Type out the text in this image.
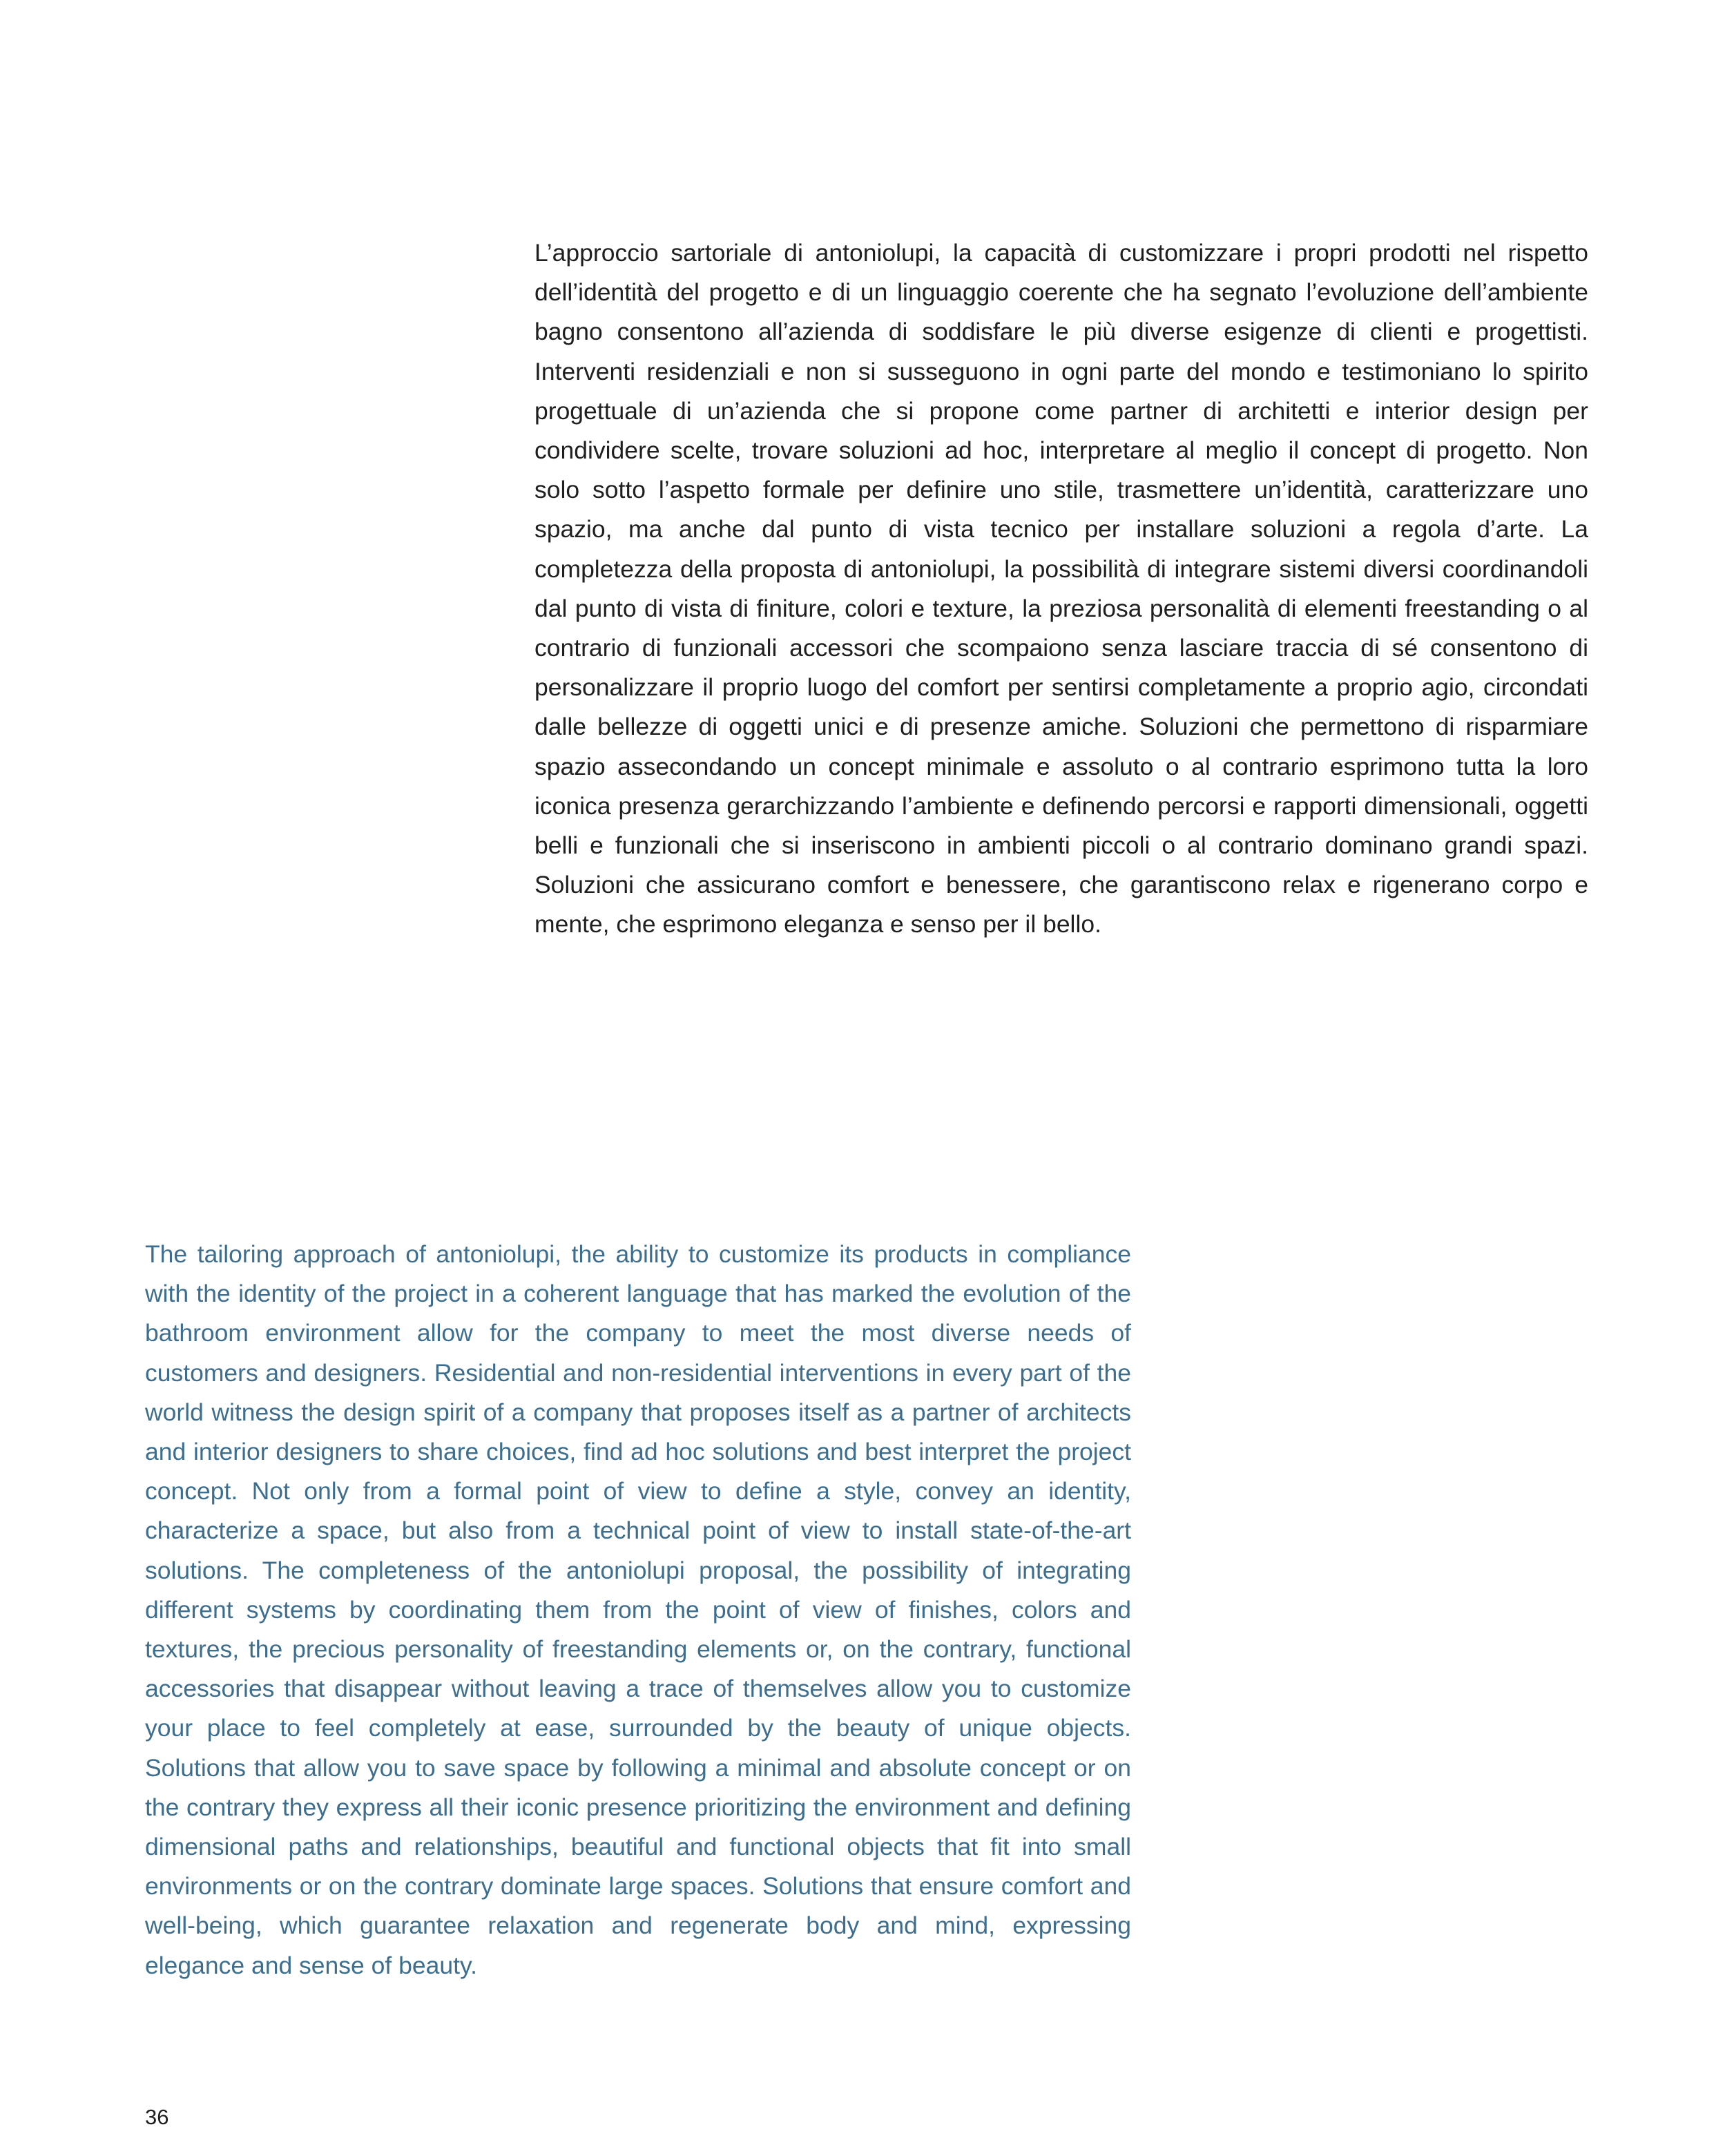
L’approccio sartoriale di antoniolupi, la capacità di customizzare i propri prodotti nel rispetto dell’identità del progetto e di un linguaggio coerente che ha segnato l’evoluzione dell’ambiente bagno consentono all’azienda di soddisfare le più diverse esigenze di clienti e progettisti. Interventi residenziali e non si susseguono in ogni parte del mondo e testimoniano lo spirito progettuale di un’azienda che si propone come partner di architetti e interior design per condividere scelte, trovare soluzioni ad hoc, interpretare al meglio il concept di progetto. Non solo sotto l’aspetto formale per definire uno stile, trasmettere un’identità, caratterizzare uno spazio, ma anche dal punto di vista tecnico per installare soluzioni a regola d’arte. La completezza della proposta di antoniolupi, la possibilità di integrare sistemi diversi coordinandoli dal punto di vista di finiture, colori e texture, la preziosa personalità di elementi freestanding o al contrario di funzionali accessori che scompaiono senza lasciare traccia di sé consentono di personalizzare il proprio luogo del comfort per sentirsi completamente a proprio agio, circondati dalle bellezze di oggetti unici e di presenze amiche. Soluzioni che permettono di risparmiare spazio assecondando un concept minimale e assoluto o al contrario esprimono tutta la loro iconica presenza gerarchizzando l’ambiente e definendo percorsi e rapporti dimensionali, oggetti belli e funzionali che si inseriscono in ambienti piccoli o al contrario dominano grandi spazi. Soluzioni che assicurano comfort e benessere, che garantiscono relax e rigenerano corpo e mente, che esprimono eleganza e senso per il bello.

The tailoring approach of antoniolupi, the ability to customize its products in compliance with the identity of the project in a coherent language that has marked the evolution of the bathroom environment allow for the company to meet the most diverse needs of customers and designers. Residential and non-residential interventions in every part of the world witness the design spirit of a company that proposes itself as a partner of architects and interior designers to share choices, find ad hoc solutions and best interpret the project concept. Not only from a formal point of view to define a style, convey an identity, characterize a space, but also from a technical point of view to install state-of-the-art solutions. The completeness of the antoniolupi proposal, the possibility of integrating different systems by coordinating them from the point of view of finishes, colors and textures, the precious personality of freestanding elements or, on the contrary, functional accessories that disappear without leaving a trace of themselves allow you to customize your place to feel completely at ease, surrounded by the beauty of unique objects. Solutions that allow you to save space by following a minimal and absolute concept or on the contrary they express all their iconic presence prioritizing the environment and defining dimensional paths and relationships, beautiful and functional objects that fit into small environments or on the contrary dominate large spaces. Solutions that ensure comfort and well-being, which guarantee relaxation and regenerate body and mind, expressing elegance and sense of beauty.

36
